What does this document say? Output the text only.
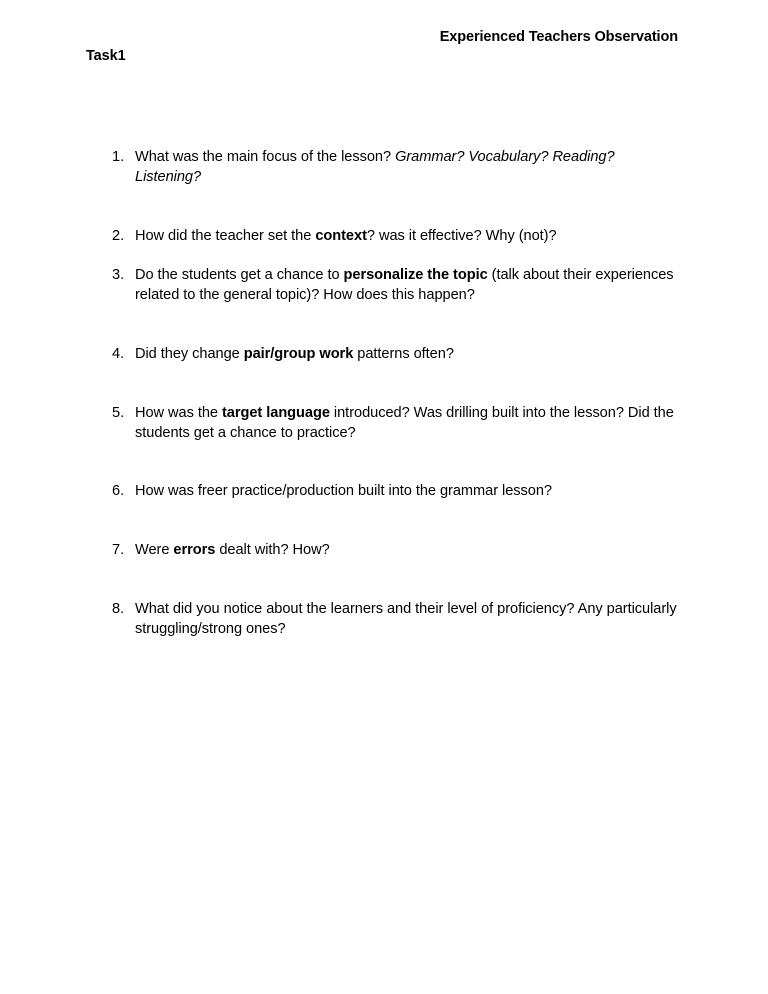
Experienced Teachers Observation
Task1
1. What was the main focus of the lesson? Grammar? Vocabulary? Reading? Listening?
2. How did the teacher set the context? was it effective? Why (not)?
3. Do the students get a chance to personalize the topic (talk about their experiences related to the general topic)? How does this happen?
4. Did they change pair/group work patterns often?
5. How was the target language introduced? Was drilling built into the lesson? Did the students get a chance to practice?
6. How was freer practice/production built into the grammar lesson?
7. Were errors dealt with? How?
8. What did you notice about the learners and their level of proficiency? Any particularly struggling/strong ones?
